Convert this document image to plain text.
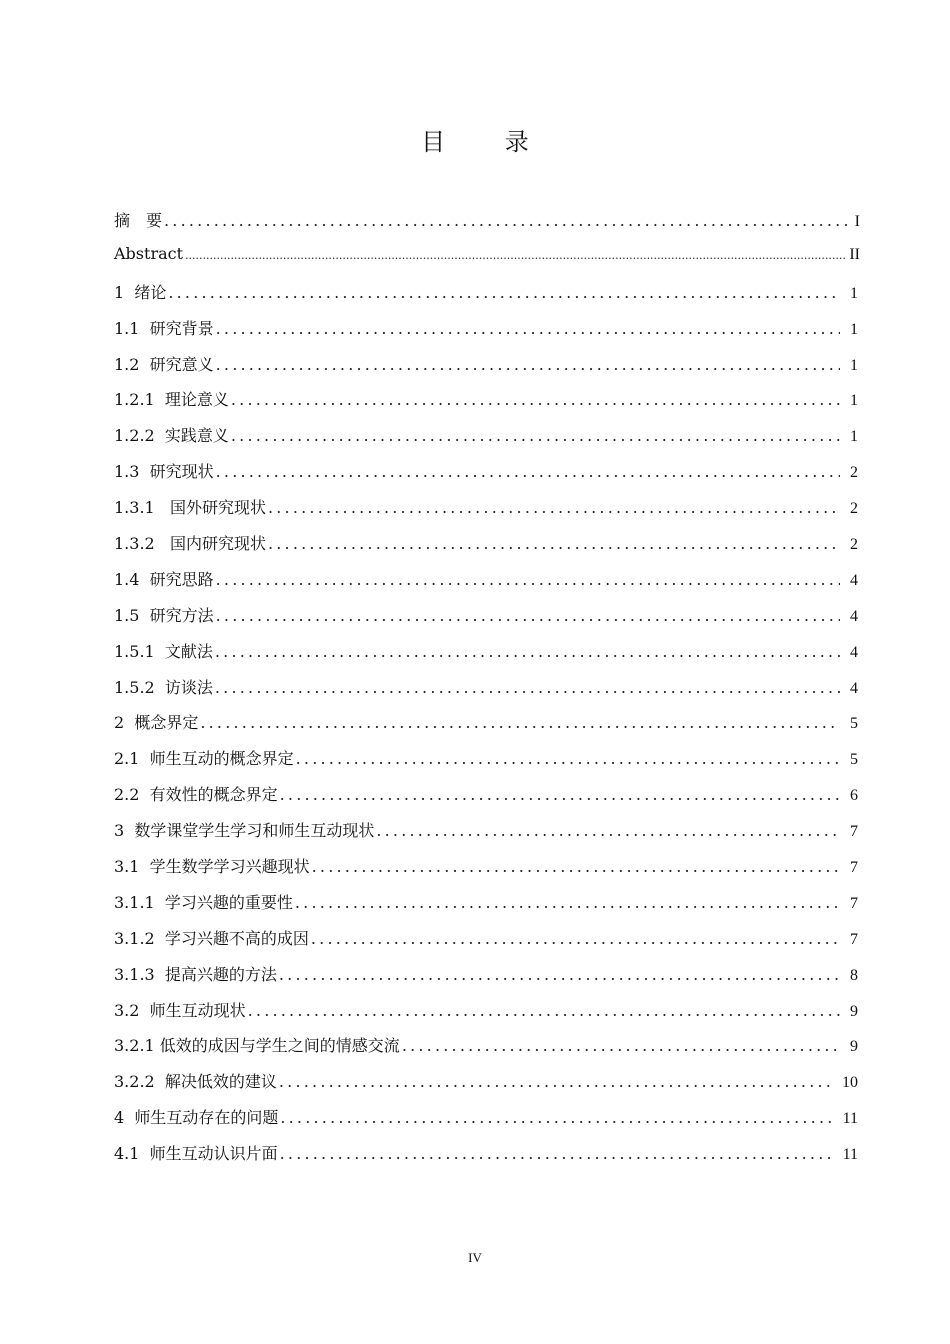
目 录
摘　要 .....	I
Abstract .....	II
1  绪论 .....	1
1.1  研究背景 .....	1
1.2  研究意义 .....	1
1.2.1  理论意义 .....	1
1.2.2  实践意义 .....	1
1.3  研究现状 .....	2
1.3.1   国外研究现状 .....	2
1.3.2   国内研究现状 .....	2
1.4  研究思路 .....	4
1.5  研究方法 .....	4
1.5.1  文献法 .....	4
1.5.2  访谈法 .....	4
2  概念界定 .....	5
2.1  师生互动的概念界定 .....	5
2.2  有效性的概念界定 .....	6
3  数学课堂学生学习和师生互动现状 .....	7
3.1  学生数学学习兴趣现状 .....	7
3.1.1  学习兴趣的重要性 .....	7
3.1.2  学习兴趣不高的成因 .....	7
3.1.3  提高兴趣的方法 .....	8
3.2  师生互动现状 .....	9
3.2.1 低效的成因与学生之间的情感交流 .....	9
3.2.2  解决低效的建议 .....	10
4  师生互动存在的问题 .....	11
4.1  师生互动认识片面 .....	11
IV
